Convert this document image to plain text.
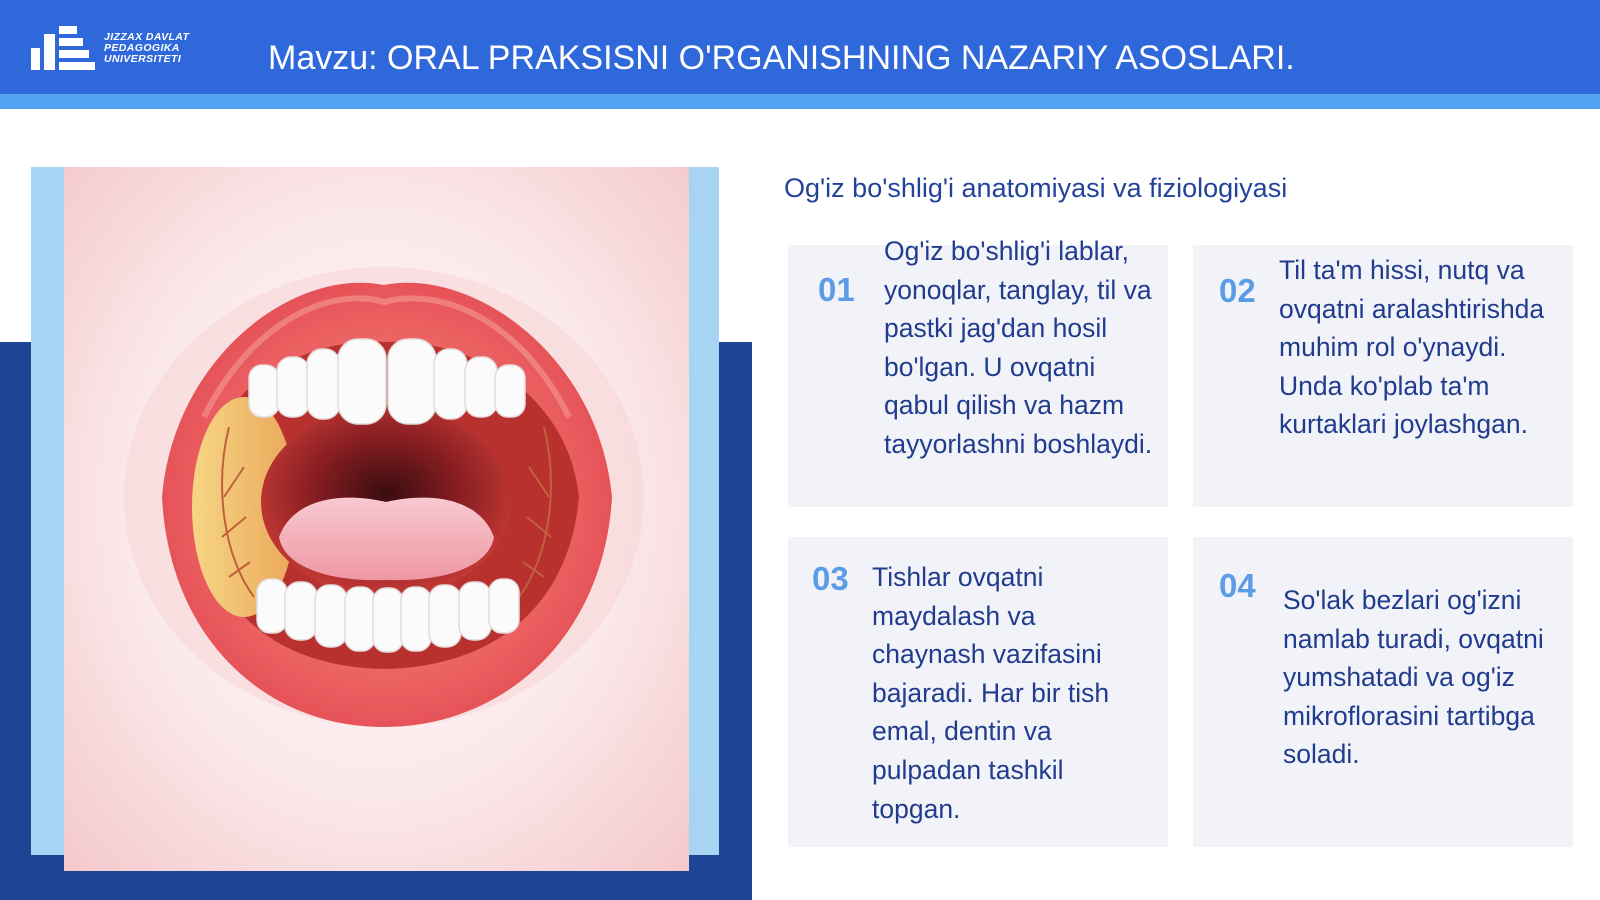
JIZZAX DAVLAT
PEDAGOGIKA
UNIVERSITETI	Mavzu: ORAL PRAKSISNI O'RGANISHNING NAZARIY ASOSLARI.
Og'iz bo'shlig'i anatomiyasi va fiziologiyasi
01
Og'iz bo'shlig'i lablar, yonoqlar, tanglay, til va pastki jag'dan hosil bo'lgan. U ovqatni qabul qilish va hazm tayyorlashni boshlaydi.
02
Til ta'm hissi, nutq va ovqatni aralashtirishda muhim rol o'ynaydi. Unda ko'plab ta'm kurtaklari joylashgan.
03 Tishlar ovqatni maydalash va chaynash vazifasini bajaradi. Har bir tish emal, dentin va pulpadan tashkil topgan.
04 So'lak bezlari og'izni namlab turadi, ovqatni yumshatadi va og'iz mikroflorasini tartibga soladi.
